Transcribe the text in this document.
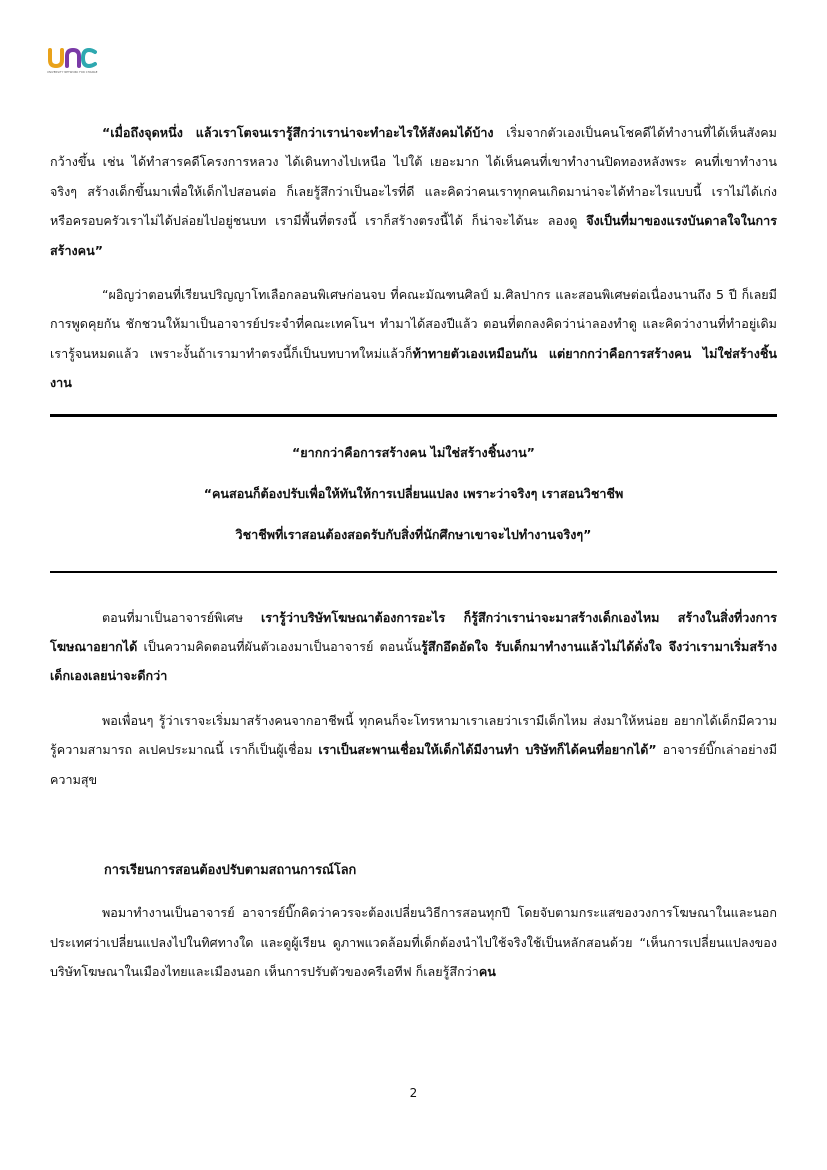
UNIVERSITY NETWORK FOR CHANGE

“เมื่อถึงจุดหนึ่ง แล้วเราโตจนเรารู้สึกว่าเราน่าจะทำอะไรให้สังคมได้บ้าง เริ่มจากตัวเองเป็นคนโชคดีได้ทำงานที่ได้เห็นสังคมกว้างขึ้น เช่น ได้ทำสารคดีโครงการหลวง ได้เดินทางไปเหนือ ไปใต้ เยอะมาก ได้เห็นคนที่เขาทำงานปิดทองหลังพระ คนที่เขาทำงานจริงๆ สร้างเด็กขึ้นมาเพื่อให้เด็กไปสอนต่อ ก็เลยรู้สึกว่าเป็นอะไรที่ดี และคิดว่าคนเราทุกคนเกิดมาน่าจะได้ทำอะไรแบบนี้ เราไม่ได้เก่ง หรือครอบครัวเราไม่ได้ปล่อยไปอยู่ชนบท เรามีพื้นที่ตรงนี้ เราก็สร้างตรงนี้ได้ ก็น่าจะได้นะ ลองดู จึงเป็นที่มาของแรงบันดาลใจในการสร้างคน”

“ผอิญว่าตอนที่เรียนปริญญาโทเลือกลอนพิเศษก่อนจบ ที่คณะมัณฑนศิลป์ ม.ศิลปากร และสอนพิเศษต่อเนื่องนานถึง 5 ปี ก็เลยมีการพูดคุยกัน ชักชวนให้มาเป็นอาจารย์ประจำที่คณะเทคโนฯ ทำมาได้สองปีแล้ว ตอนที่ตกลงคิดว่าน่าลองทำดู และคิดว่างานที่ทำอยู่เดิมเรารู้จนหมดแล้ว เพราะงั้นถ้าเรามาทำตรงนี้ก็เป็นบทบาทใหม่แล้วก็ท้าทายตัวเองเหมือนกัน แต่ยากกว่าคือการสร้างคน ไม่ใช่สร้างชิ้นงาน

“ยากกว่าคือการสร้างคน ไม่ใช่สร้างชิ้นงาน”
“คนสอนก็ต้องปรับเพื่อให้ทันให้การเปลี่ยนแปลง เพราะว่าจริงๆ เราสอนวิชาชีพ
วิชาชีพที่เราสอนต้องสอดรับกับสิ่งที่นักศึกษาเขาจะไปทำงานจริงๆ”

ตอนที่มาเป็นอาจารย์พิเศษ เรารู้ว่าบริษัทโฆษณาต้องการอะไร ก็รู้สึกว่าเราน่าจะมาสร้างเด็กเองไหม สร้างในสิ่งที่วงการโฆษณาอยากได้ เป็นความคิดตอนที่ผันตัวเองมาเป็นอาจารย์ ตอนนั้นรู้สึกอึดอัดใจ รับเด็กมาทำงานแล้วไม่ได้ดั่งใจ จึงว่าเรามาเริ่มสร้างเด็กเองเลยน่าจะดีกว่า

พอเพื่อนๆ รู้ว่าเราจะเริ่มมาสร้างคนจากอาชีพนี้ ทุกคนก็จะโทรหามาเราเลยว่าเรามีเด็กไหม ส่งมาให้หน่อย อยากได้เด็กมีความรู้ความสามารถ ลเปคประมาณนี้ เราก็เป็นผู้เชื่อม เราเป็นสะพานเชื่อมให้เด็กได้มีงานทำ บริษัทก็ได้คนที่อยากได้” อาจารย์บิ๊กเล่าอย่างมีความสุข

การเรียนการสอนต้องปรับตามสถานการณ์โลก

พอมาทำงานเป็นอาจารย์ อาจารย์บิ๊กคิดว่าควรจะต้องเปลี่ยนวิธีการสอนทุกปี โดยจับตามกระแสของวงการโฆษณาในและนอกประเทศว่าเปลี่ยนแปลงไปในทิศทางใด และดูผู้เรียน ดูภาพแวดล้อมที่เด็กต้องนำไปใช้จริงใช้เป็นหลักสอนด้วย “เห็นการเปลี่ยนแปลงของบริษัทโฆษณาในเมืองไทยและเมืองนอก เห็นการปรับตัวของครีเอทีฟ ก็เลยรู้สึกว่าคน

2
